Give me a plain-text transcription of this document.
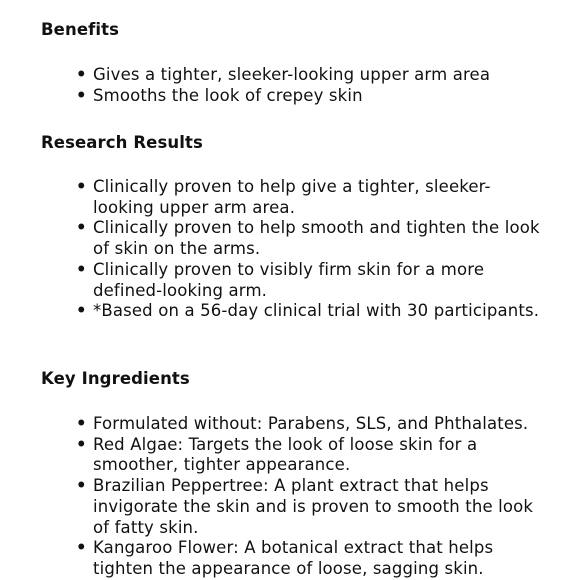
Benefits
• Gives a tighter, sleeker-looking upper arm area
• Smooths the look of crepey skin
Research Results
• Clinically proven to help give a tighter, sleeker-looking upper arm area.
• Clinically proven to help smooth and tighten the look of skin on the arms.
• Clinically proven to visibly firm skin for a more defined-looking arm.
• *Based on a 56-day clinical trial with 30 participants.
Key Ingredients
• Formulated without: Parabens, SLS, and Phthalates.
• Red Algae: Targets the look of loose skin for a smoother, tighter appearance.
• Brazilian Peppertree: A plant extract that helps invigorate the skin and is proven to smooth the look of fatty skin.
• Kangaroo Flower: A botanical extract that helps tighten the appearance of loose, sagging skin.
